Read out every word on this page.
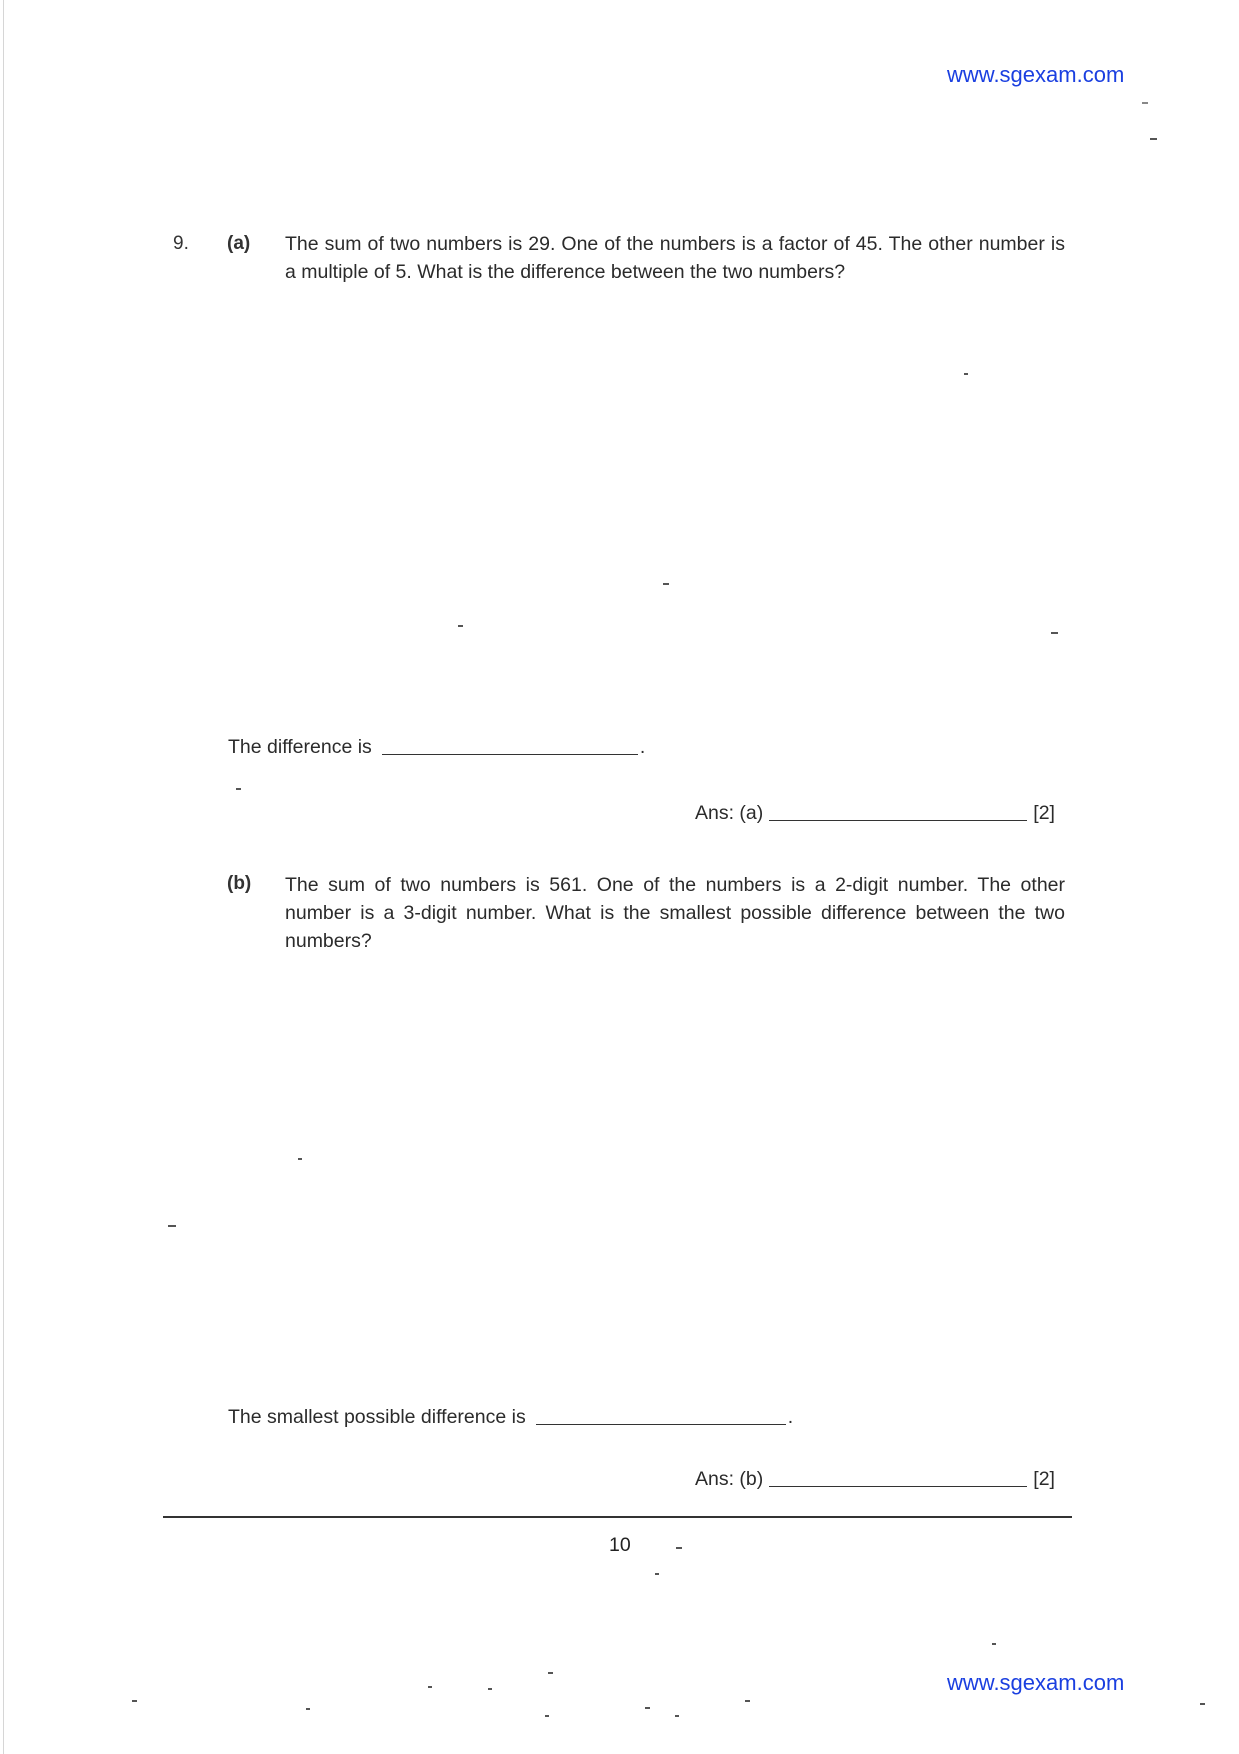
www.sgexam.com
9. (a) The sum of two numbers is 29. One of the numbers is a factor of 45. The other number is a multiple of 5. What is the difference between the two numbers?
The difference is	.
Ans: (a)	[2]
(b) The sum of two numbers is 561. One of the numbers is a 2-digit number. The other number is a 3-digit number. What is the smallest possible difference between the two numbers?
The smallest possible difference is	.
Ans: (b)	[2]
10
www.sgexam.com
